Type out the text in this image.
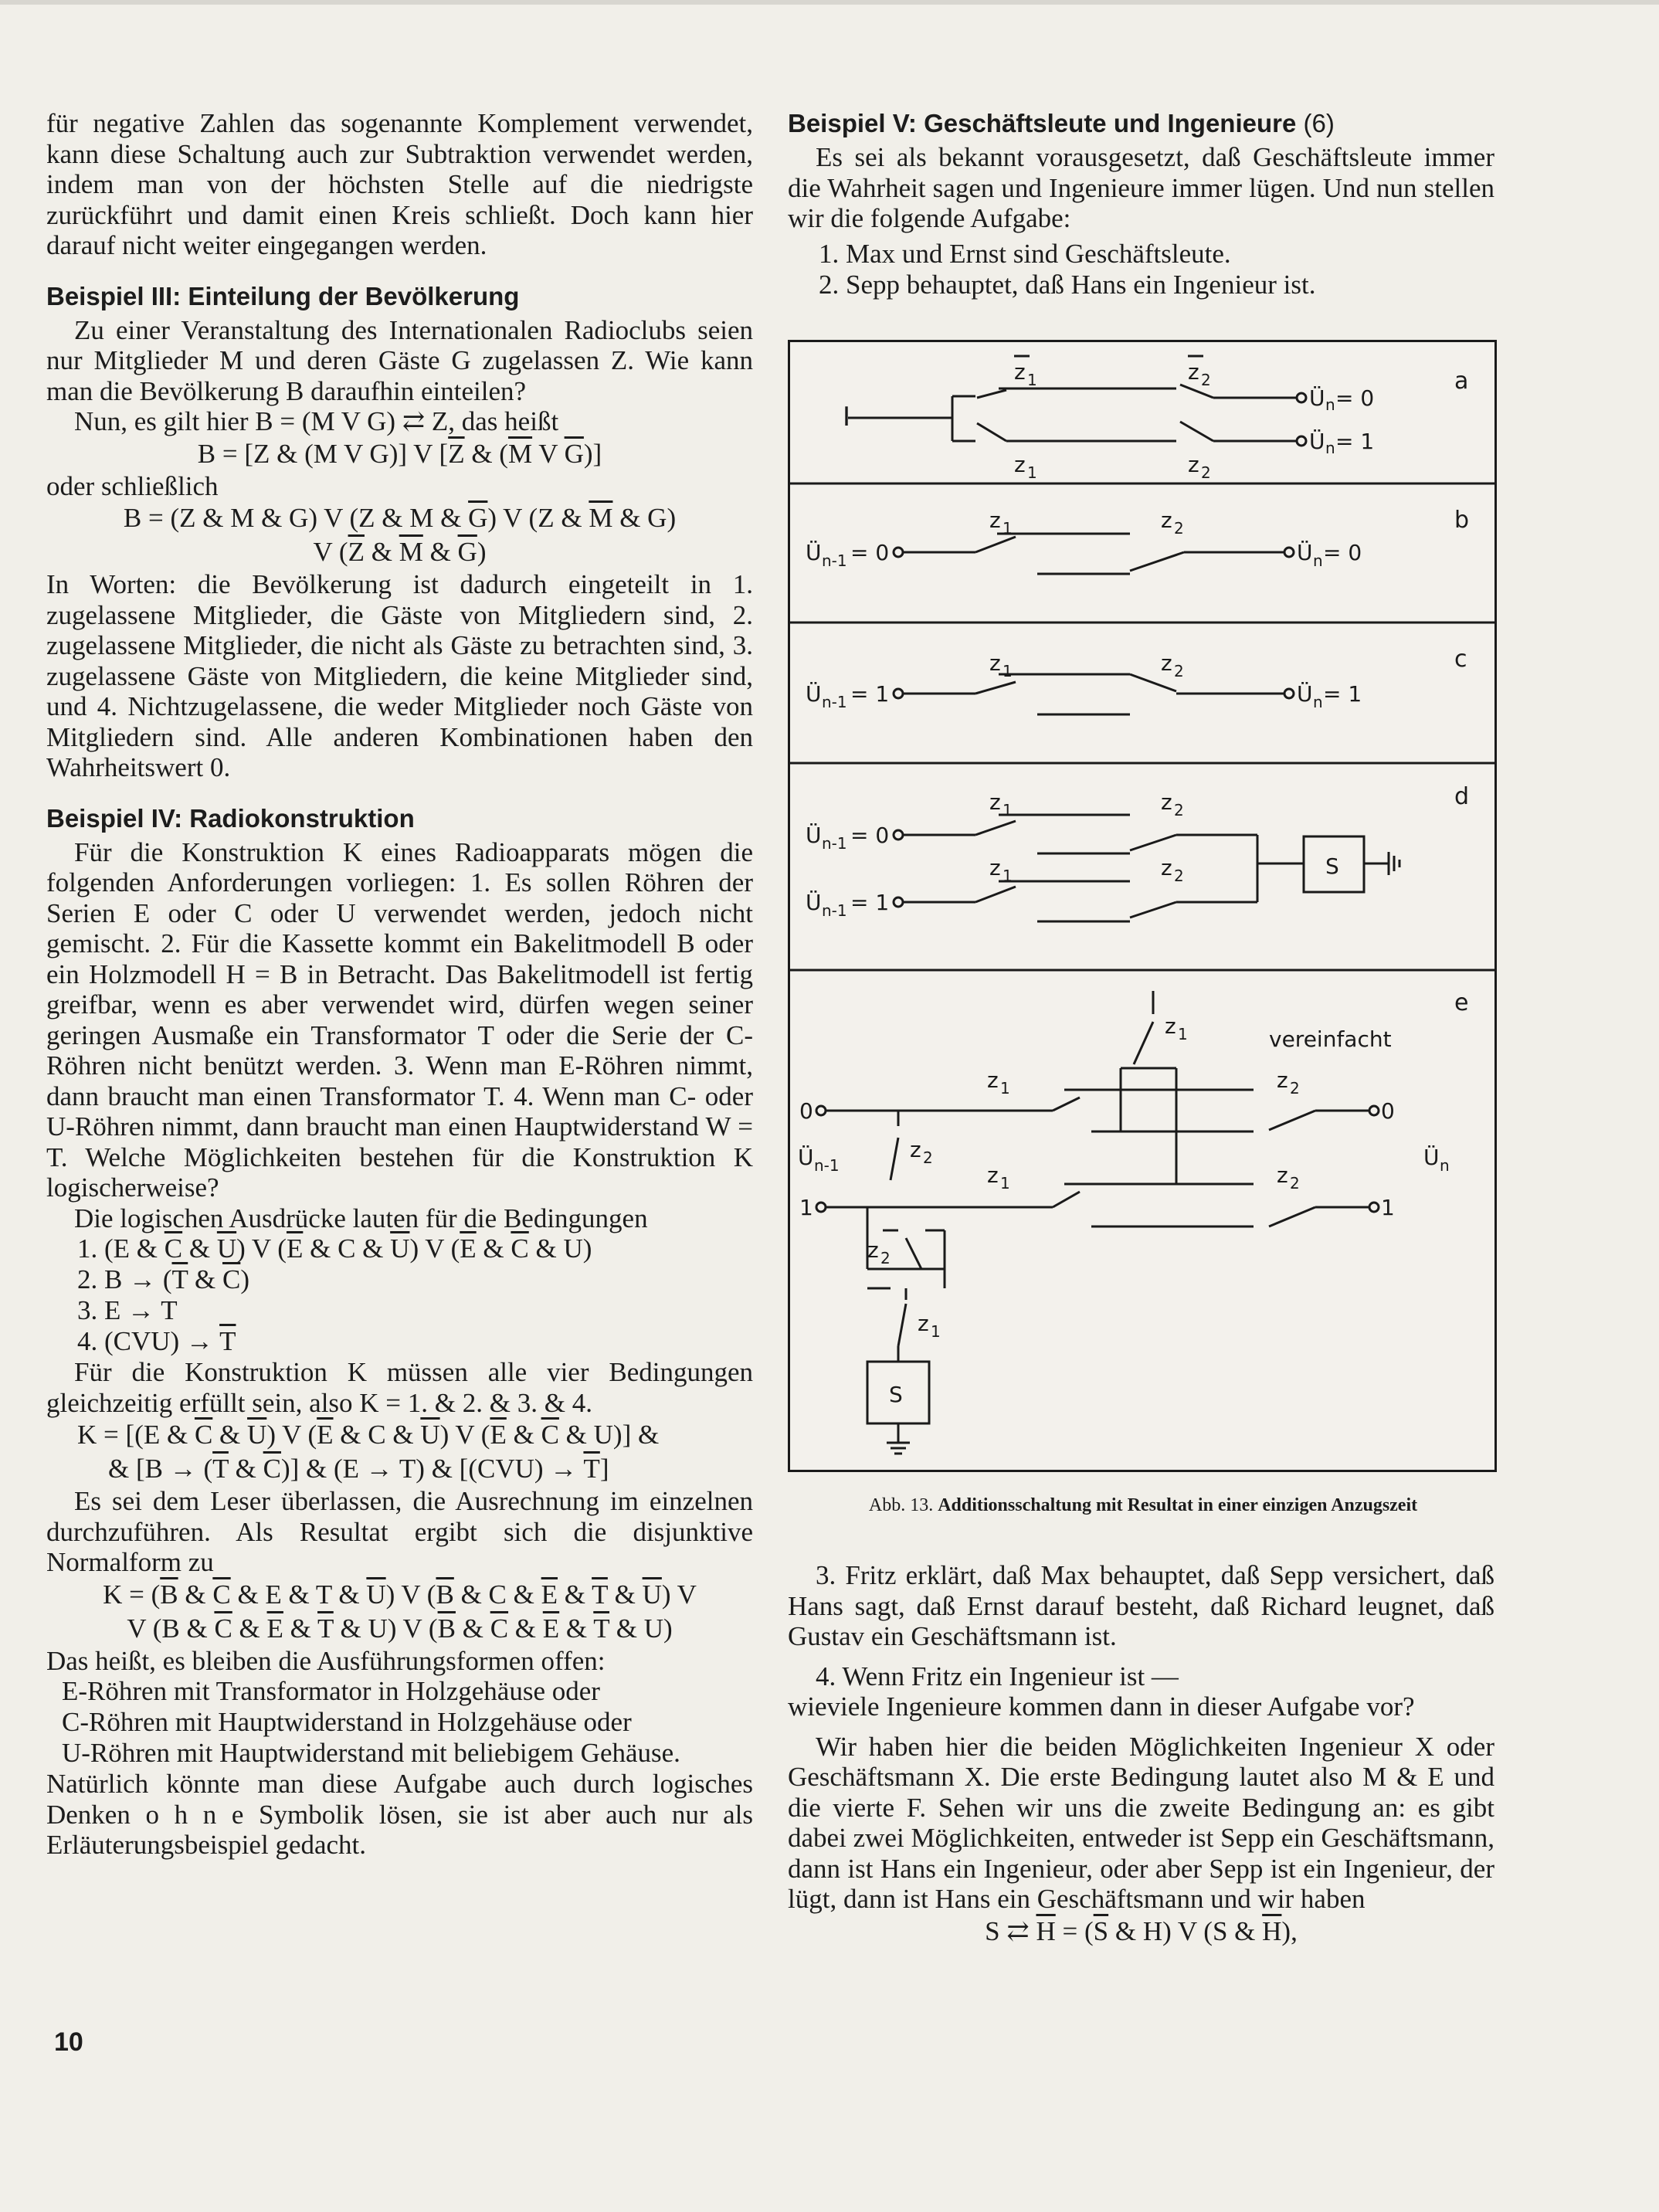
für negative Zahlen das sogenannte Komplement verwendet, kann diese Schaltung auch zur Subtraktion verwendet werden, indem man von der höchsten Stelle auf die niedrigste zurückführt und damit einen Kreis schließt. Doch kann hier darauf nicht weiter eingegangen werden.

Beispiel III: Einteilung der Bevölkerung

Zu einer Veranstaltung des Internationalen Radioclubs seien nur Mitglieder M und deren Gäste G zugelassen Z. Wie kann man die Bevölkerung B daraufhin einteilen?

Nun, es gilt hier B = (M V G) ⇄ Z, das heißt

B = [Z & (M V G)] V [$\overline{Z}$ & ($\overline{M}$ V $\overline{G}$)]

oder schließlich

B = (Z & M & G) V (Z & M & $\overline{G}$) V (Z & $\overline{M}$ & G)

V ($\overline{Z}$ & $\overline{M}$ & $\overline{G}$)

In Worten: die Bevölkerung ist dadurch eingeteilt in 1. zugelassene Mitglieder, die Gäste von Mitgliedern sind, 2. zugelassene Mitglieder, die nicht als Gäste zu betrachten sind, 3. zugelassene Gäste von Mitgliedern, die keine Mitglieder sind, und 4. Nichtzugelassene, die weder Mitglieder noch Gäste von Mitgliedern sind. Alle anderen Kombinationen haben den Wahrheitswert 0.

Beispiel IV: Radiokonstruktion

Für die Konstruktion K eines Radioapparats mögen die folgenden Anforderungen vorliegen: 1. Es sollen Röhren der Serien E oder C oder U verwendet werden, jedoch nicht gemischt. 2. Für die Kassette kommt ein Bakelitmodell B oder ein Holzmodell H = B in Betracht. Das Bakelitmodell ist fertig greifbar, wenn es aber verwendet wird, dürfen wegen seiner geringen Ausmaße ein Transformator T oder die Serie der C-Röhren nicht benützt werden. 3. Wenn man E-Röhren nimmt, dann braucht man einen Transformator T. 4. Wenn man C- oder U-Röhren nimmt, dann braucht man einen Hauptwiderstand W = T. Welche Möglichkeiten bestehen für die Konstruktion K logischerweise?

Die logischen Ausdrücke lauten für die Bedingungen

1. (E & $\overline{C}$ & $\overline{U}$) V ($\overline{E}$ & C & $\overline{U}$) V ($\overline{E}$ & $\overline{C}$ & U)

2. $B \to (\overline{T}$ & $\overline{C}$)

3. E → T

4. $(CVU) \to \overline{T}$

Für die Konstruktion K müssen alle vier Bedingungen gleichzeitig erfüllt sein, also K = 1. & 2. & 3. & 4.

K = [(E & $\overline{C}$ & $\overline{U}$) V ($\overline{E}$ & C & $\overline{U}$) V ($\overline{E}$ & $\overline{C}$ & U)] &

& [$B \to (\overline{T}$ & $\overline{C}$)] & (E → T) & $[(CVU) \to \overline{T}]$

Es sei dem Leser überlassen, die Ausrechnung im einzelnen durchzuführen. Als Resultat ergibt sich die disjunktive Normalform zu

$K = (\overline{B}$ & $\overline{C}$ & E & T & $\overline{U}$) V ($\overline{B}$ & C & $\overline{E}$ & $\overline{T}$ & $\overline{U}$) V

V (B & $\overline{C}$ & $\overline{E}$ & $\overline{T}$ & U) V ($\overline{B}$ & $\overline{C}$ & $\overline{E}$ & $\overline{T}$ & U)

Das heißt, es bleiben die Ausführungsformen offen:

E-Röhren mit Transformator in Holzgehäuse oder

C-Röhren mit Hauptwiderstand in Holzgehäuse oder

U-Röhren mit Hauptwiderstand mit beliebigem Gehäuse.

Natürlich könnte man diese Aufgabe auch durch logisches Denken o h n e Symbolik lösen, sie ist aber auch nur als Erläuterungsbeispiel gedacht.

Beispiel V: Geschäftsleute und Ingenieure (6)

Es sei als bekannt vorausgesetzt, daß Geschäftsleute immer die Wahrheit sagen und Ingenieure immer lügen. Und nun stellen wir die folgende Aufgabe:

1. Max und Ernst sind Geschäftsleute.

2. Sepp behauptet, daß Hans ein Ingenieur ist.

a
b
c
d
e
I
z 1	z 2
z 1	z 2
Ü n = 0
Ü n = 1
Ü n-1 = 0
z 1	z 2
Ü n = 0
Ü n-1 = 1
z 1	z 2
Ü n = 1
Ü n-1 = 0
Ü n-1 = 1
z 1	z 2
z 1	z 2	S
z 1	vereinfacht
z 1	z 2
z 1	z 2
z 2
z 2
z 1
0
1
0
1
Ü n-1	Ü n
S
Abb. 13. Additionsschaltung mit Resultat in einer einzigen Anzugszeit

3. Fritz erklärt, daß Max behauptet, daß Sepp versichert, daß Hans sagt, daß Ernst darauf besteht, daß Richard leugnet, daß Gustav ein Geschäftsmann ist.

4. Wenn Fritz ein Ingenieur ist —

wieviele Ingenieure kommen dann in dieser Aufgabe vor?

Wir haben hier die beiden Möglichkeiten Ingenieur X oder Geschäftsmann X. Die erste Bedingung lautet also M & E und die vierte F. Sehen wir uns die zweite Bedingung an: es gibt dabei zwei Möglichkeiten, entweder ist Sepp ein Geschäftsmann, dann ist Hans ein Ingenieur, oder aber Sepp ist ein Ingenieur, der lügt, dann ist Hans ein Geschäftsmann und wir haben

S ⇄ $\overline{H} = (\overline{S}$ & H) V (S & $\overline{H}$),

10
